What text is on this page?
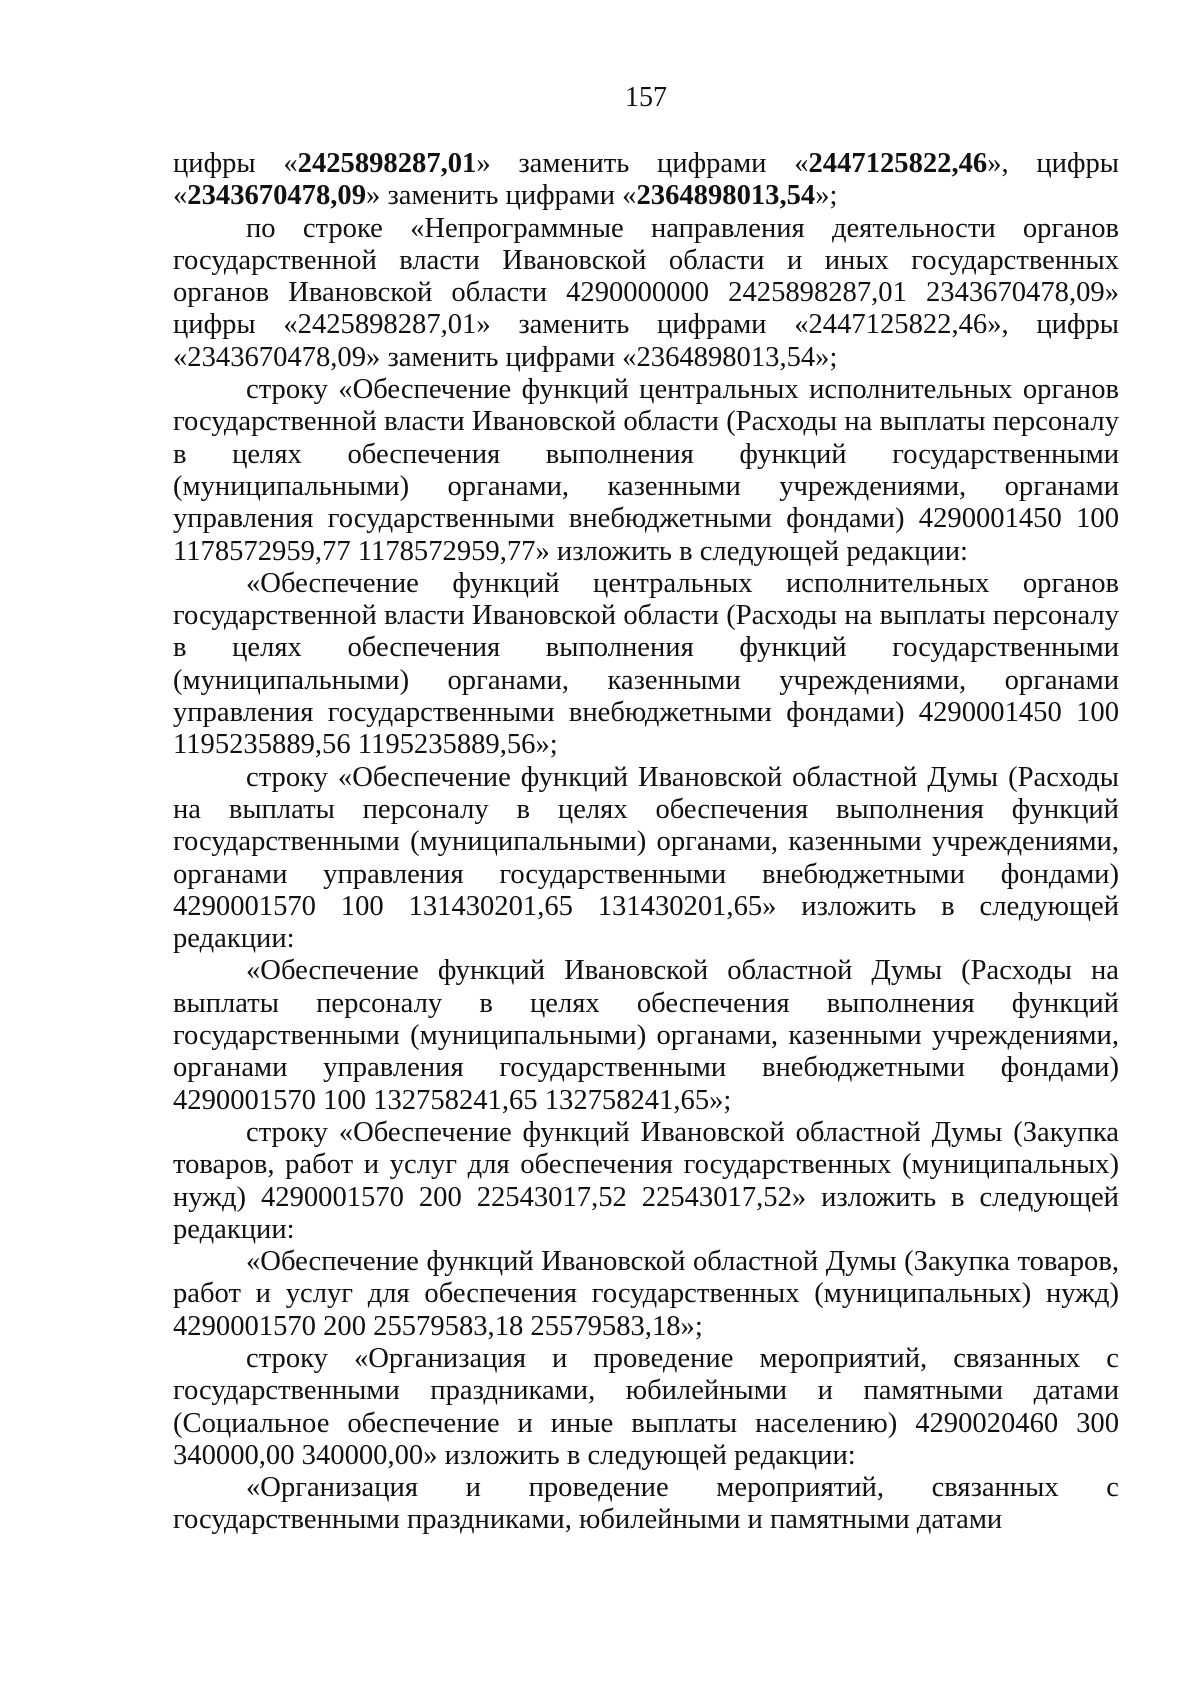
157

цифры «2425898287,01» заменить цифрами «2447125822,46», цифры «2343670478,09» заменить цифрами «2364898013,54»;

по строке «Непрограммные направления деятельности органов государственной власти Ивановской области и иных государственных органов Ивановской области 4290000000 2425898287,01 2343670478,09» цифры «2425898287,01» заменить цифрами «2447125822,46», цифры «2343670478,09» заменить цифрами «2364898013,54»;

строку «Обеспечение функций центральных исполнительных органов государственной власти Ивановской области (Расходы на выплаты персоналу в целях обеспечения выполнения функций государственными (муниципальными) органами, казенными учреждениями, органами управления государственными внебюджетными фондами) 4290001450 100 1178572959,77 1178572959,77» изложить в следующей редакции:

«Обеспечение функций центральных исполнительных органов государственной власти Ивановской области (Расходы на выплаты персоналу в целях обеспечения выполнения функций государственными (муниципальными) органами, казенными учреждениями, органами управления государственными внебюджетными фондами) 4290001450 100 1195235889,56 1195235889,56»;

строку «Обеспечение функций Ивановской областной Думы (Расходы на выплаты персоналу в целях обеспечения выполнения функций государственными (муниципальными) органами, казенными учреждениями, органами управления государственными внебюджетными фондами) 4290001570 100 131430201,65 131430201,65» изложить в следующей редакции:

«Обеспечение функций Ивановской областной Думы (Расходы на выплаты персоналу в целях обеспечения выполнения функций государственными (муниципальными) органами, казенными учреждениями, органами управления государственными внебюджетными фондами) 4290001570 100 132758241,65 132758241,65»;

строку «Обеспечение функций Ивановской областной Думы (Закупка товаров, работ и услуг для обеспечения государственных (муниципальных) нужд) 4290001570 200 22543017,52 22543017,52» изложить в следующей редакции:

«Обеспечение функций Ивановской областной Думы (Закупка товаров, работ и услуг для обеспечения государственных (муниципальных) нужд) 4290001570 200 25579583,18 25579583,18»;

строку «Организация и проведение мероприятий, связанных с государственными праздниками, юбилейными и памятными датами (Социальное обеспечение и иные выплаты населению) 4290020460 300 340000,00 340000,00» изложить в следующей редакции:

«Организация и проведение мероприятий, связанных с государственными праздниками, юбилейными и памятными датами
